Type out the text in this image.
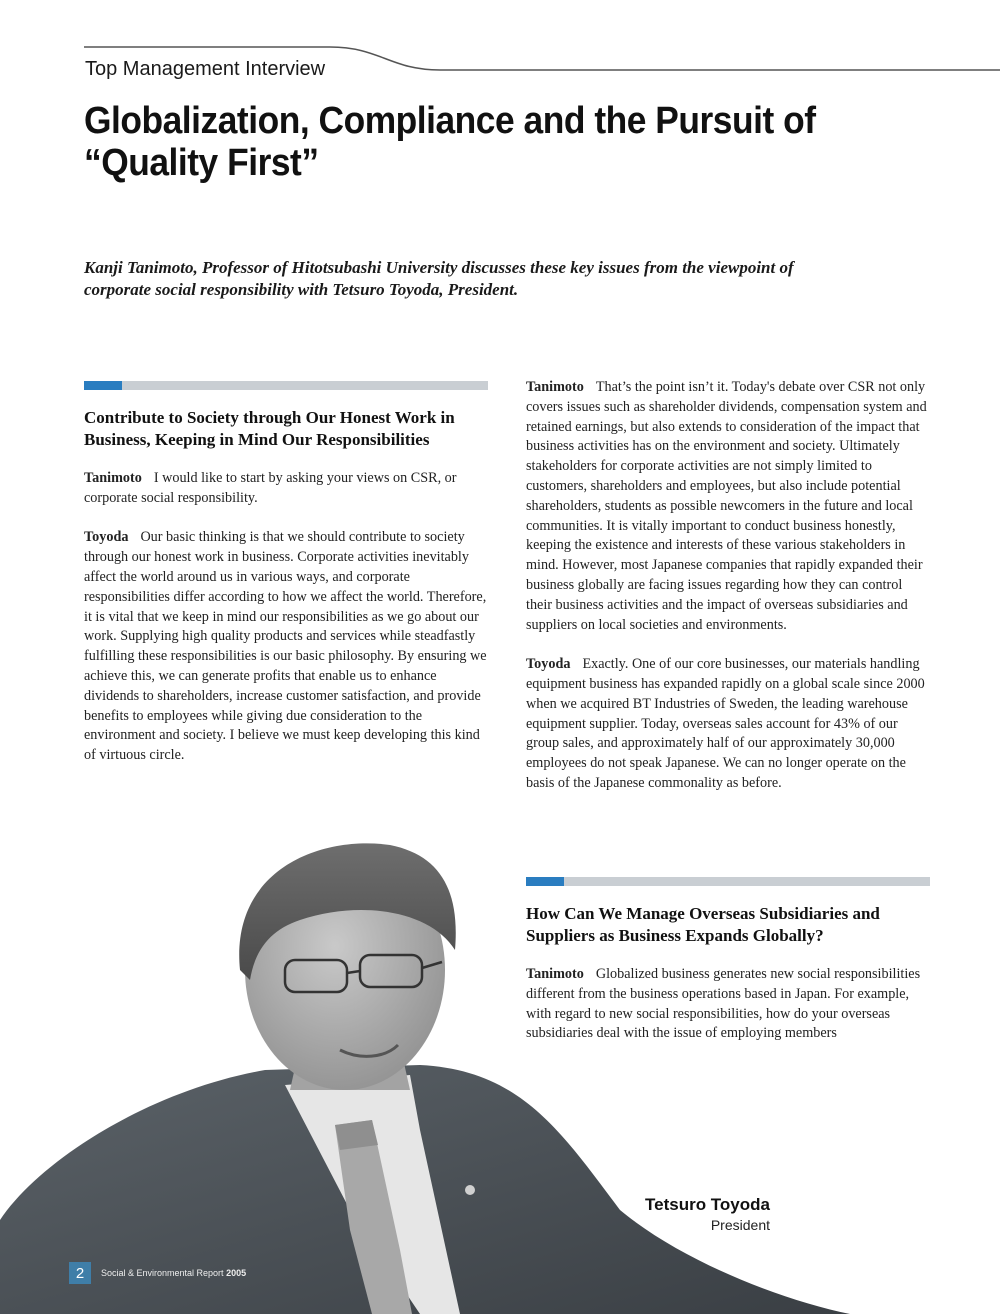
Top Management Interview
Globalization, Compliance and the Pursuit of
“Quality First”

Kanji Tanimoto, Professor of Hitotsubashi University discusses these key issues from the viewpoint of
corporate social responsibility with Tetsuro Toyoda, President.

Contribute to Society through Our Honest Work in
Business, Keeping in Mind Our Responsibilities

Tanimoto I would like to start by asking your views on CSR, or corporate social responsibility.

Toyoda Our basic thinking is that we should contribute to society through our honest work in business. Corporate activities inevitably affect the world around us in various ways, and corporate responsibilities differ according to how we affect the world. Therefore, it is vital that we keep in mind our responsibilities as we go about our work. Supplying high quality products and services while steadfastly fulfilling these responsibilities is our basic philosophy. By ensuring we achieve this, we can generate profits that enable us to enhance dividends to shareholders, increase customer satisfaction, and provide benefits to employees while giving due consideration to the environment and society. I believe we must keep developing this kind of virtuous circle.

Tanimoto That’s the point isn’t it. Today's debate over CSR not only covers issues such as shareholder dividends, compensation system and retained earnings, but also extends to consideration of the impact that business activities has on the environment and society. Ultimately stakeholders for corporate activities are not simply limited to customers, shareholders and employees, but also include potential shareholders, students as possible newcomers in the future and local communities. It is vitally important to conduct business honestly, keeping the existence and interests of these various stakeholders in mind. However, most Japanese companies that rapidly expanded their business globally are facing issues regarding how they can control their business activities and the impact of overseas subsidiaries and suppliers on local societies and environments.

Toyoda Exactly. One of our core businesses, our materials handling equipment business has expanded rapidly on a global scale since 2000 when we acquired BT Industries of Sweden, the leading warehouse equipment supplier. Today, overseas sales account for 43% of our group sales, and approximately half of our approximately 30,000 employees do not speak Japanese. We can no longer operate on the basis of the Japanese commonality as before.

How Can We Manage Overseas Subsidiaries and
Suppliers as Business Expands Globally?

Tanimoto Globalized business generates new social responsibilities different from the business operations based in Japan. For example, with regard to new social responsibilities, how do your overseas subsidiaries deal with the issue of employing members

Tetsuro Toyoda
President
2	Social & Environmental Report 2005
